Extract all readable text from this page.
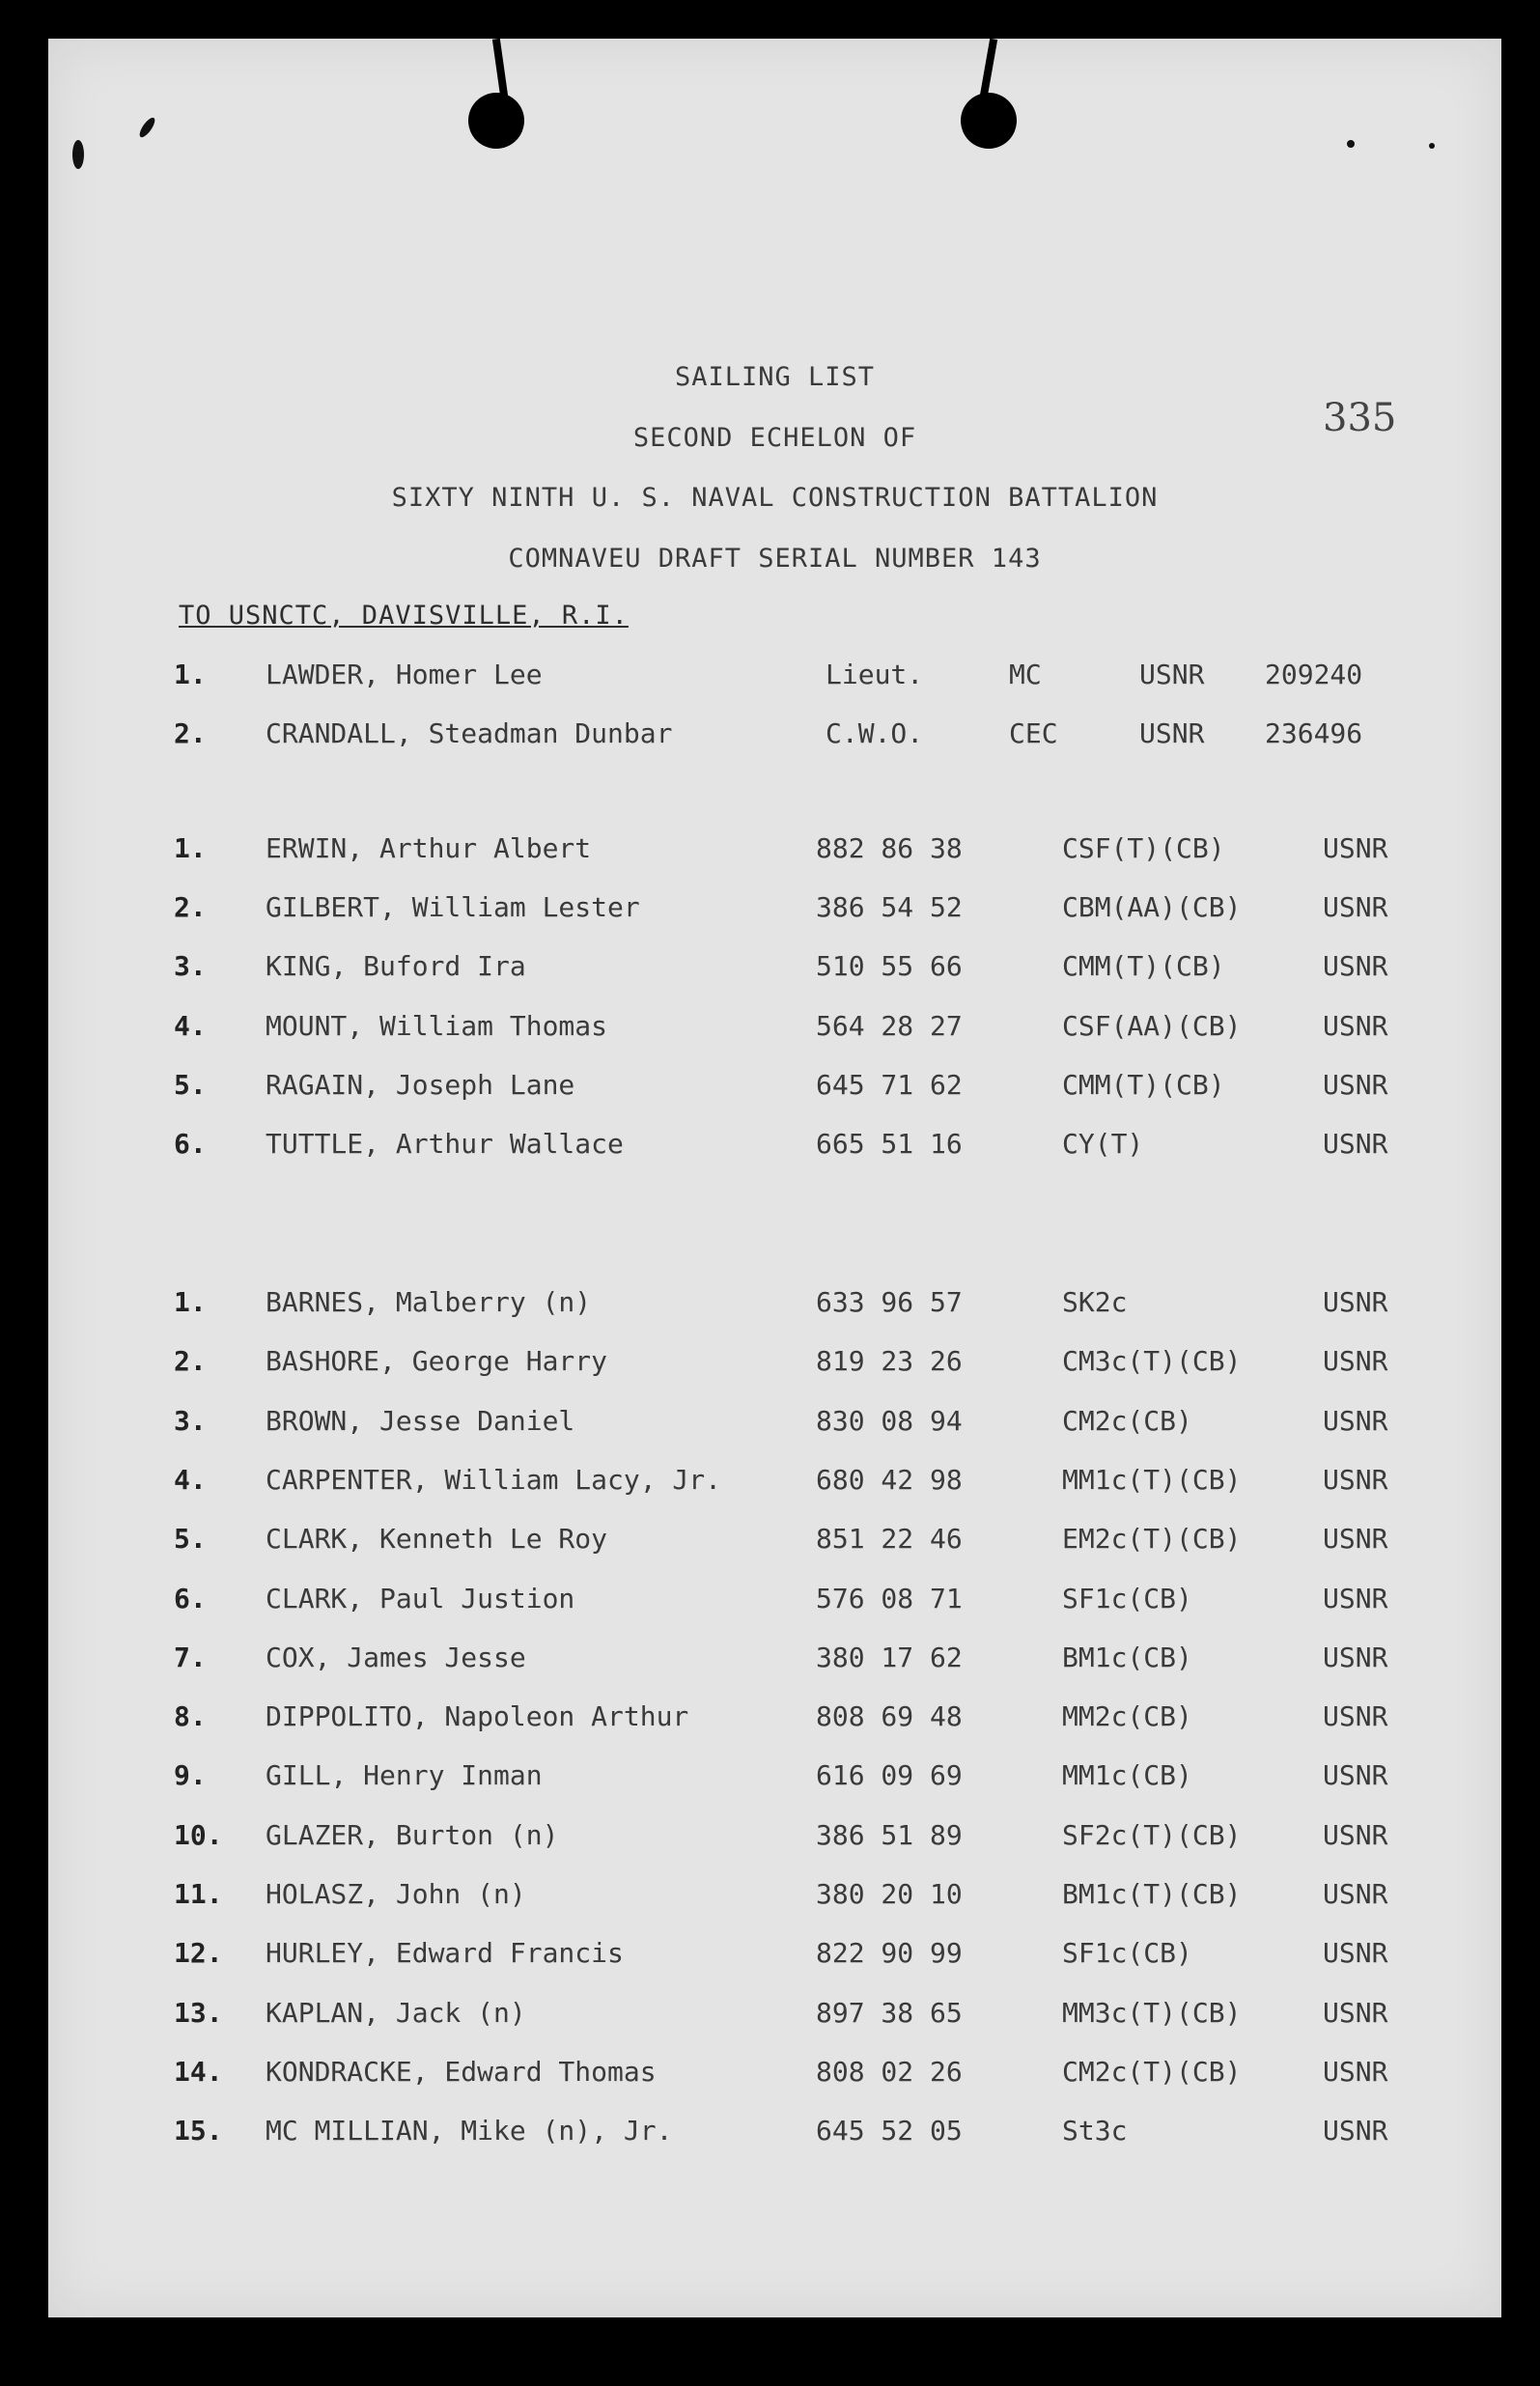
SAILING LIST
SECOND ECHELON OF
SIXTY NINTH U. S. NAVAL CONSTRUCTION BATTALION
COMNAVEU DRAFT SERIAL NUMBER 143
335
TO USNCTC, DAVISVILLE, R.I.
1. LAWDER, Homer Lee	Lieut.	MC	USNR 209240
2. CRANDALL, Steadman Dunbar	C.W.O.	CEC	USNR 236496
1. ERWIN, Arthur Albert	882 86 38	CSF(T)(CB)	USNR
2. GILBERT, William Lester	386 54 52	CBM(AA)(CB)	USNR
3. KING, Buford Ira	510 55 66	CMM(T)(CB)	USNR
4. MOUNT, William Thomas	564 28 27	CSF(AA)(CB)	USNR
5. RAGAIN, Joseph Lane	645 71 62	CMM(T)(CB)	USNR
6. TUTTLE, Arthur Wallace	665 51 16	CY(T)	USNR
1. BARNES, Malberry (n)	633 96 57	SK2c	USNR
2. BASHORE, George Harry	819 23 26	CM3c(T)(CB)	USNR
3. BROWN, Jesse Daniel	830 08 94	CM2c(CB)	USNR
4. CARPENTER, William Lacy, Jr.	680 42 98	MM1c(T)(CB)	USNR
5. CLARK, Kenneth Le Roy	851 22 46	EM2c(T)(CB)	USNR
6. CLARK, Paul Justion	576 08 71	SF1c(CB)	USNR
7. COX, James Jesse	380 17 62	BM1c(CB)	USNR
8. DIPPOLITO, Napoleon Arthur	808 69 48	MM2c(CB)	USNR
9. GILL, Henry Inman	616 09 69	MM1c(CB)	USNR
10. GLAZER, Burton (n)	386 51 89	SF2c(T)(CB)	USNR
11. HOLASZ, John (n)	380 20 10	BM1c(T)(CB)	USNR
12. HURLEY, Edward Francis	822 90 99	SF1c(CB)	USNR
13. KAPLAN, Jack (n)	897 38 65	MM3c(T)(CB)	USNR
14. KONDRACKE, Edward Thomas	808 02 26	CM2c(T)(CB)	USNR
15. MC MILLIAN, Mike (n), Jr.	645 52 05	St3c	USNR
